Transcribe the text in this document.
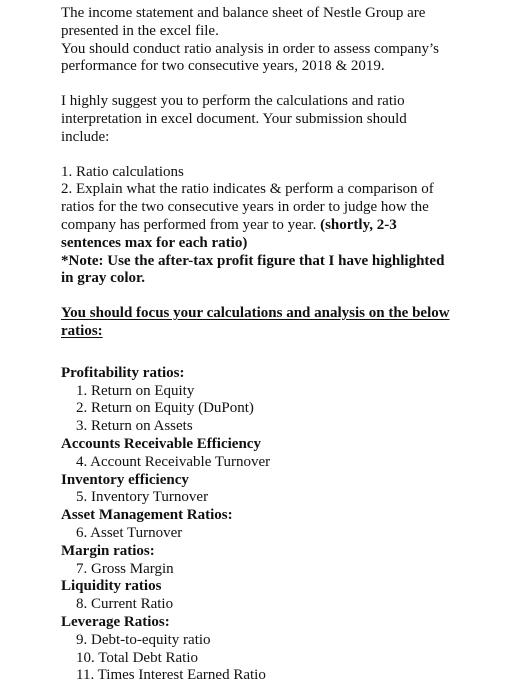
The income statement and balance sheet of Nestle Group are

presented in the excel file.

You should conduct ratio analysis in order to assess company’s

performance for two consecutive years, 2018 & 2019.

I highly suggest you to perform the calculations and ratio

interpretation in excel document. Your submission should

include:

1. Ratio calculations

2. Explain what the ratio indicates & perform a comparison of

ratios for the two consecutive years in order to judge how the

company has performed from year to year. (shortly, 2-3

sentences max for each ratio)

*Note: Use the after-tax profit figure that I have highlighted

in gray color.

You should focus your calculations and analysis on the below

ratios:

Profitability ratios:

1. Return on Equity

2. Return on Equity (DuPont)

3. Return on Assets

Accounts Receivable Efficiency

4. Account Receivable Turnover

Inventory efficiency

5. Inventory Turnover

Asset Management Ratios:

6. Asset Turnover

Margin ratios:

7. Gross Margin

Liquidity ratios

8. Current Ratio

Leverage Ratios:

9. Debt-to-equity ratio

10. Total Debt Ratio

11. Times Interest Earned Ratio
